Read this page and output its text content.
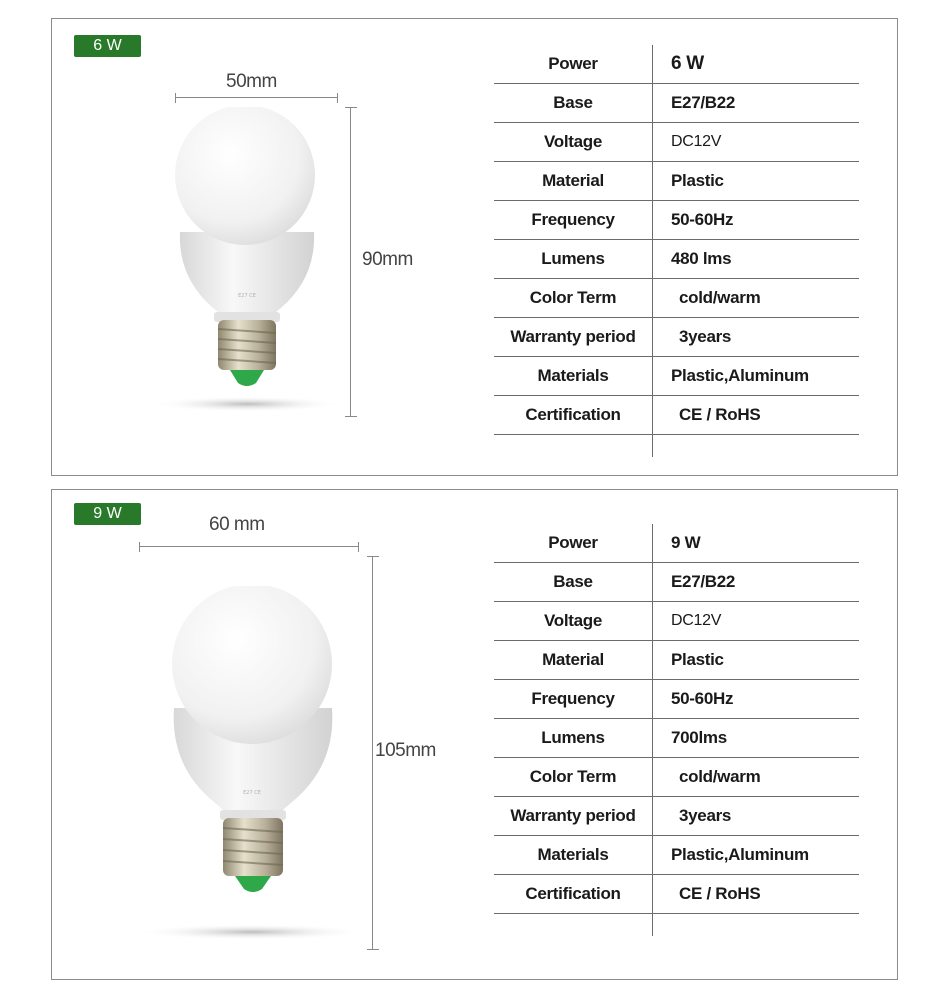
6 W
50mm
90mm
E27 CE
Power	6 W
Base	E27/B22
Voltage	DC12V
Material	Plastic
Frequency	50-60Hz
Lumens	480 lms
Color Term	cold/warm
Warranty period	3years
Materials	Plastic,Aluminum
Certification	CE / RoHS

9 W
60 mm
105mm
E27 CE
Power	9 W
Base	E27/B22
Voltage	DC12V
Material	Plastic
Frequency	50-60Hz
Lumens	700lms
Color Term	cold/warm
Warranty period	3years
Materials	Plastic,Aluminum
Certification	CE / RoHS
